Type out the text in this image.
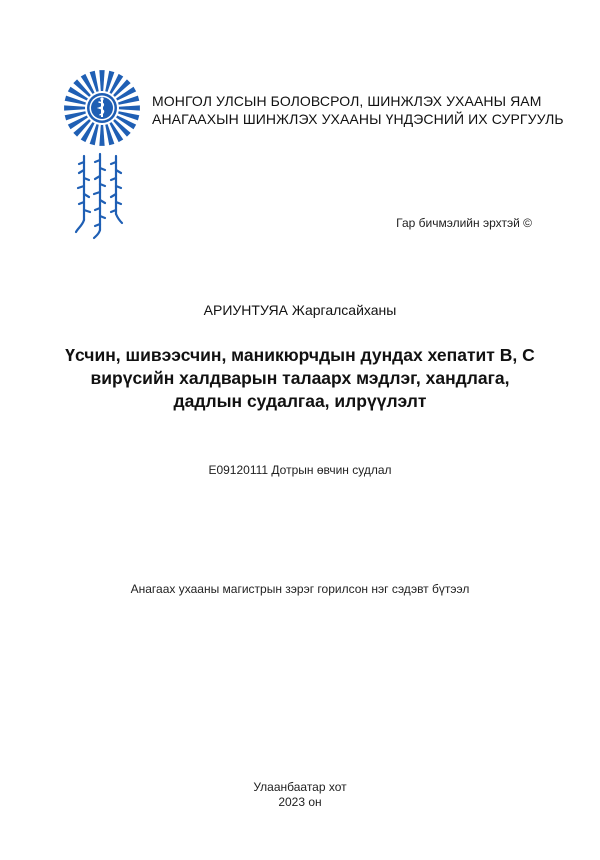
МОНГОЛ УЛСЫН БОЛОВСРОЛ, ШИНЖЛЭХ УХААНЫ ЯАМ
АНАГААХЫН ШИНЖЛЭХ УХААНЫ ҮНДЭСНИЙ ИХ СУРГУУЛЬ
Гар бичмэлийн эрхтэй ©
АРИУНТУЯА Жаргалсайханы
Үсчин, шивээсчин, маникюрчдын дундах хепатит В, С
вирүсийн халдварын талаарх мэдлэг, хандлага,
дадлын судалгаа, илрүүлэлт
E09120111 Дотрын өвчин судлал
Анагаах ухааны магистрын зэрэг горилсон нэг сэдэвт бүтээл
Улаанбаатар хот
2023 он
